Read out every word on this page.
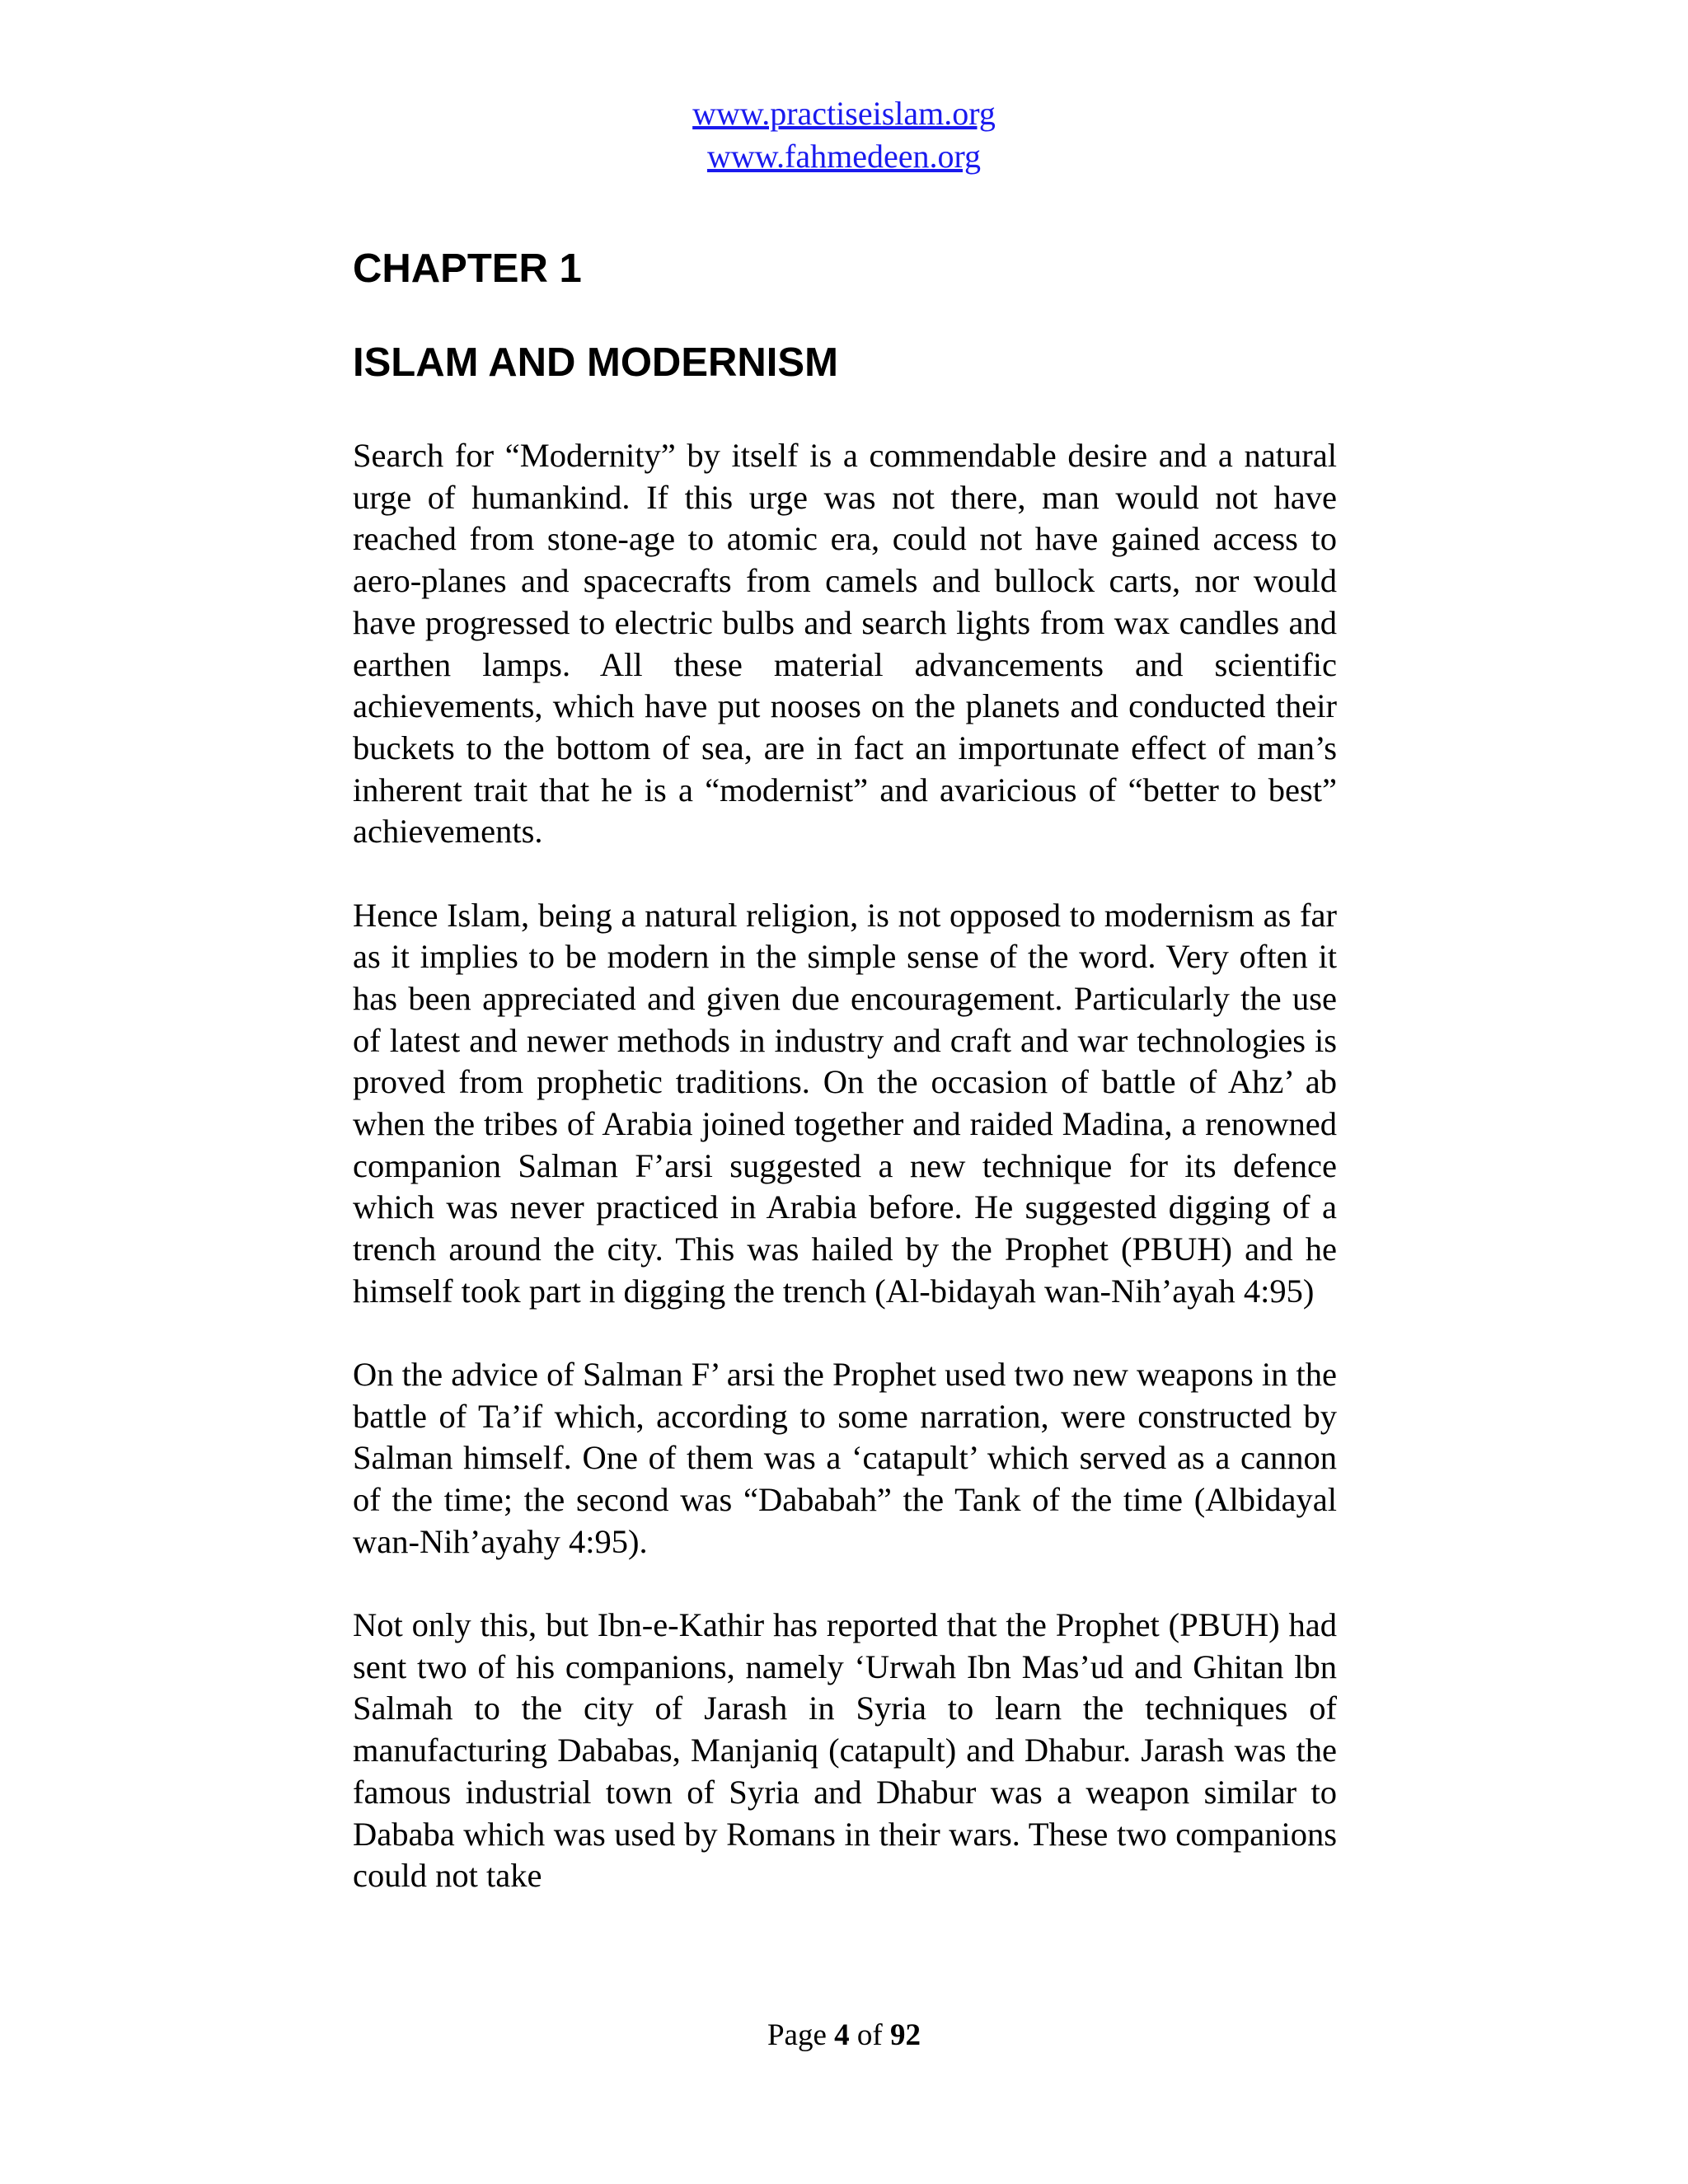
www.practiseislam.org
www.fahmedeen.org
CHAPTER 1
ISLAM AND MODERNISM

Search for “Modernity” by itself is a commendable desire and a natural urge of humankind. If this urge was not there, man would not have reached from stone-age to atomic era, could not have gained access to aero-planes and spacecrafts from camels and bullock carts, nor would have progressed to electric bulbs and search lights from wax candles and earthen lamps. All these material advancements and scientific achievements, which have put nooses on the planets and conducted their buckets to the bottom of sea, are in fact an importunate effect of man’s inherent trait that he is a “modernist” and avaricious of “better to best” achievements.

Hence Islam, being a natural religion, is not opposed to modernism as far as it implies to be modern in the simple sense of the word. Very often it has been appreciated and given due encouragement. Particularly the use of latest and newer methods in industry and craft and war technologies is proved from prophetic traditions. On the occasion of battle of Ahz’ ab when the tribes of Arabia joined together and raided Madina, a renowned companion Salman F’arsi suggested a new technique for its defence which was never practiced in Arabia before. He suggested digging of a trench around the city. This was hailed by the Prophet (PBUH) and he himself took part in digging the trench (Al-bidayah wan-Nih’ayah 4:95)

On the advice of Salman F’ arsi the Prophet used two new weapons in the battle of Ta’if which, according to some narration, were constructed by Salman himself. One of them was a ‘catapult’ which served as a cannon of the time; the second was “Dababah” the Tank of the time (Albidayal wan-Nih’ayahy 4:95).

Not only this, but Ibn-e-Kathir has reported that the Prophet (PBUH) had sent two of his companions, namely ‘Urwah Ibn Mas’ud and Ghitan lbn Salmah to the city of Jarash in Syria to learn the techniques of manufacturing Dababas, Manjaniq (catapult) and Dhabur. Jarash was the famous industrial town of Syria and Dhabur was a weapon similar to Dababa which was used by Romans in their wars. These two companions could not take

Page 4 of 92
